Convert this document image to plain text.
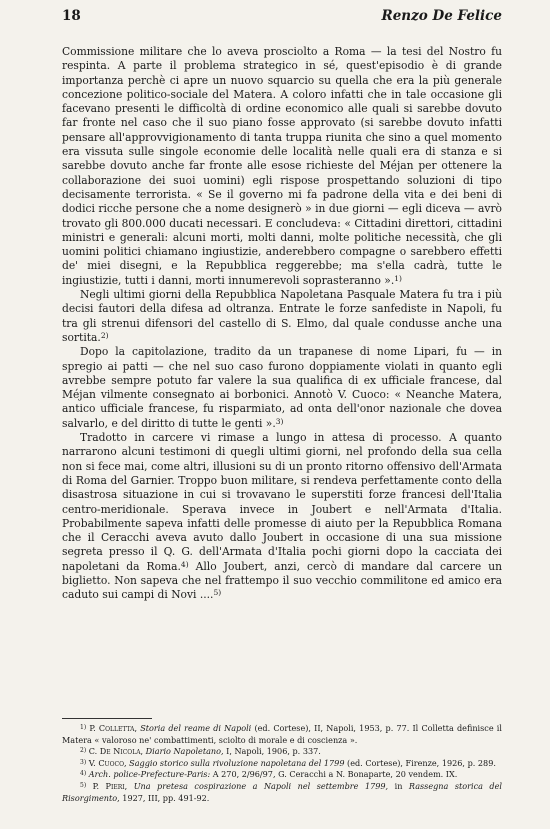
18	Renzo De Felice

Commissione militare che lo aveva prosciolto a Roma — la tesi del Nostro fu respinta. A parte il problema strategico in sé, quest'episodio è di grande importanza perchè ci apre un nuovo squarcio su quella che era la più generale concezione politico-sociale del Matera. A coloro infatti che in tale occasione gli facevano presenti le difficoltà di ordine economico alle quali si sarebbe dovuto far fronte nel caso che il suo piano fosse approvato (si sarebbe dovuto infatti pensare all'approvvigionamento di tanta truppa riunita che sino a quel momento era vissuta sulle singole economie delle località nelle quali era di stanza e si sarebbe dovuto anche far fronte alle esose richieste del Méjan per ottenere la collaborazione dei suoi uomini) egli rispose prospettando soluzioni di tipo decisamente terrorista. « Se il governo mi fa padrone della vita e dei beni di dodici ricche persone che a nome designerò » in due giorni — egli diceva — avrò trovato gli 800.000 ducati necessari. E concludeva: « Cittadini direttori, cittadini ministri e generali: alcuni morti, molti danni, molte politiche necessità, che gli uomini politici chiamano ingiustizie, anderebbero compagne o sarebbero effetti de' miei disegni, e la Repubblica reggerebbe; ma s'ella cadrà, tutte le ingiustizie, tutti i danni, morti innumerevoli soprasteranno ».$^{1)}$

Negli ultimi giorni della Repubblica Napoletana Pasquale Matera fu tra i più decisi fautori della difesa ad oltranza. Entrate le forze sanfediste in Napoli, fu tra gli strenui difensori del castello di S. Elmo, dal quale condusse anche una sortita.$^{2)}$

Dopo la capitolazione, tradito da un trapanese di nome Lipari, fu — in spregio ai patti — che nel suo caso furono doppiamente violati in quanto egli avrebbe sempre potuto far valere la sua qualifica di ex ufficiale francese, dal Méjan vilmente consegnato ai borbonici. Annotò V. Cuoco: « Neanche Matera, antico ufficiale francese, fu risparmiato, ad onta dell'onor nazionale che dovea salvarlo, e del diritto di tutte le genti ».$^{3)}$

Tradotto in carcere vi rimase a lungo in attesa di processo. A quanto narrarono alcuni testimoni di quegli ultimi giorni, nel profondo della sua cella non si fece mai, come altri, illusioni su di un pronto ritorno offensivo dell'Armata di Roma del Garnier. Troppo buon militare, si rendeva perfettamente conto della disastrosa situazione in cui si trovavano le superstiti forze francesi dell'Italia centro-meridionale. Sperava invece in Joubert e nell'Armata d'Italia. Probabilmente sapeva infatti delle promesse di aiuto per la Repubblica Romana che il Ceracchi aveva avuto dallo Joubert in occasione di una sua missione segreta presso il Q. G. dell'Armata d'Italia pochi giorni dopo la cacciata dei napoletani da Roma.$^{4)}$ Allo Joubert, anzi, cercò di mandare dal carcere un biglietto. Non sapeva che nel frattempo il suo vecchio commilitone ed amico era caduto sui campi di Novi ....$^{5)}$

$^{1)}$ P. Colletta, Storia del reame di Napoli (ed. Cortese), II, Napoli, 1953, p. 77. Il Colletta definisce il Matera « valoroso ne' combattimenti, sciolto di morale e di coscienza ».

$^{2)}$ C. De Nicola, Diario Napoletano, I, Napoli, 1906, p. 337.

$^{3)}$ V. Cuoco, Saggio storico sulla rivoluzione napoletana del 1799 (ed. Cortese), Firenze, 1926, p. 289.

$^{4)}$ Arch. police-Prefecture-Paris: A 270, 2/96/97, G. Ceracchi a N. Bonaparte, 20 vendem. IX.

$^{5)}$ P. Pieri, Una pretesa cospirazione a Napoli nel settembre 1799, in Rassegna storica del Risorgimento, 1927, III, pp. 491-92.
